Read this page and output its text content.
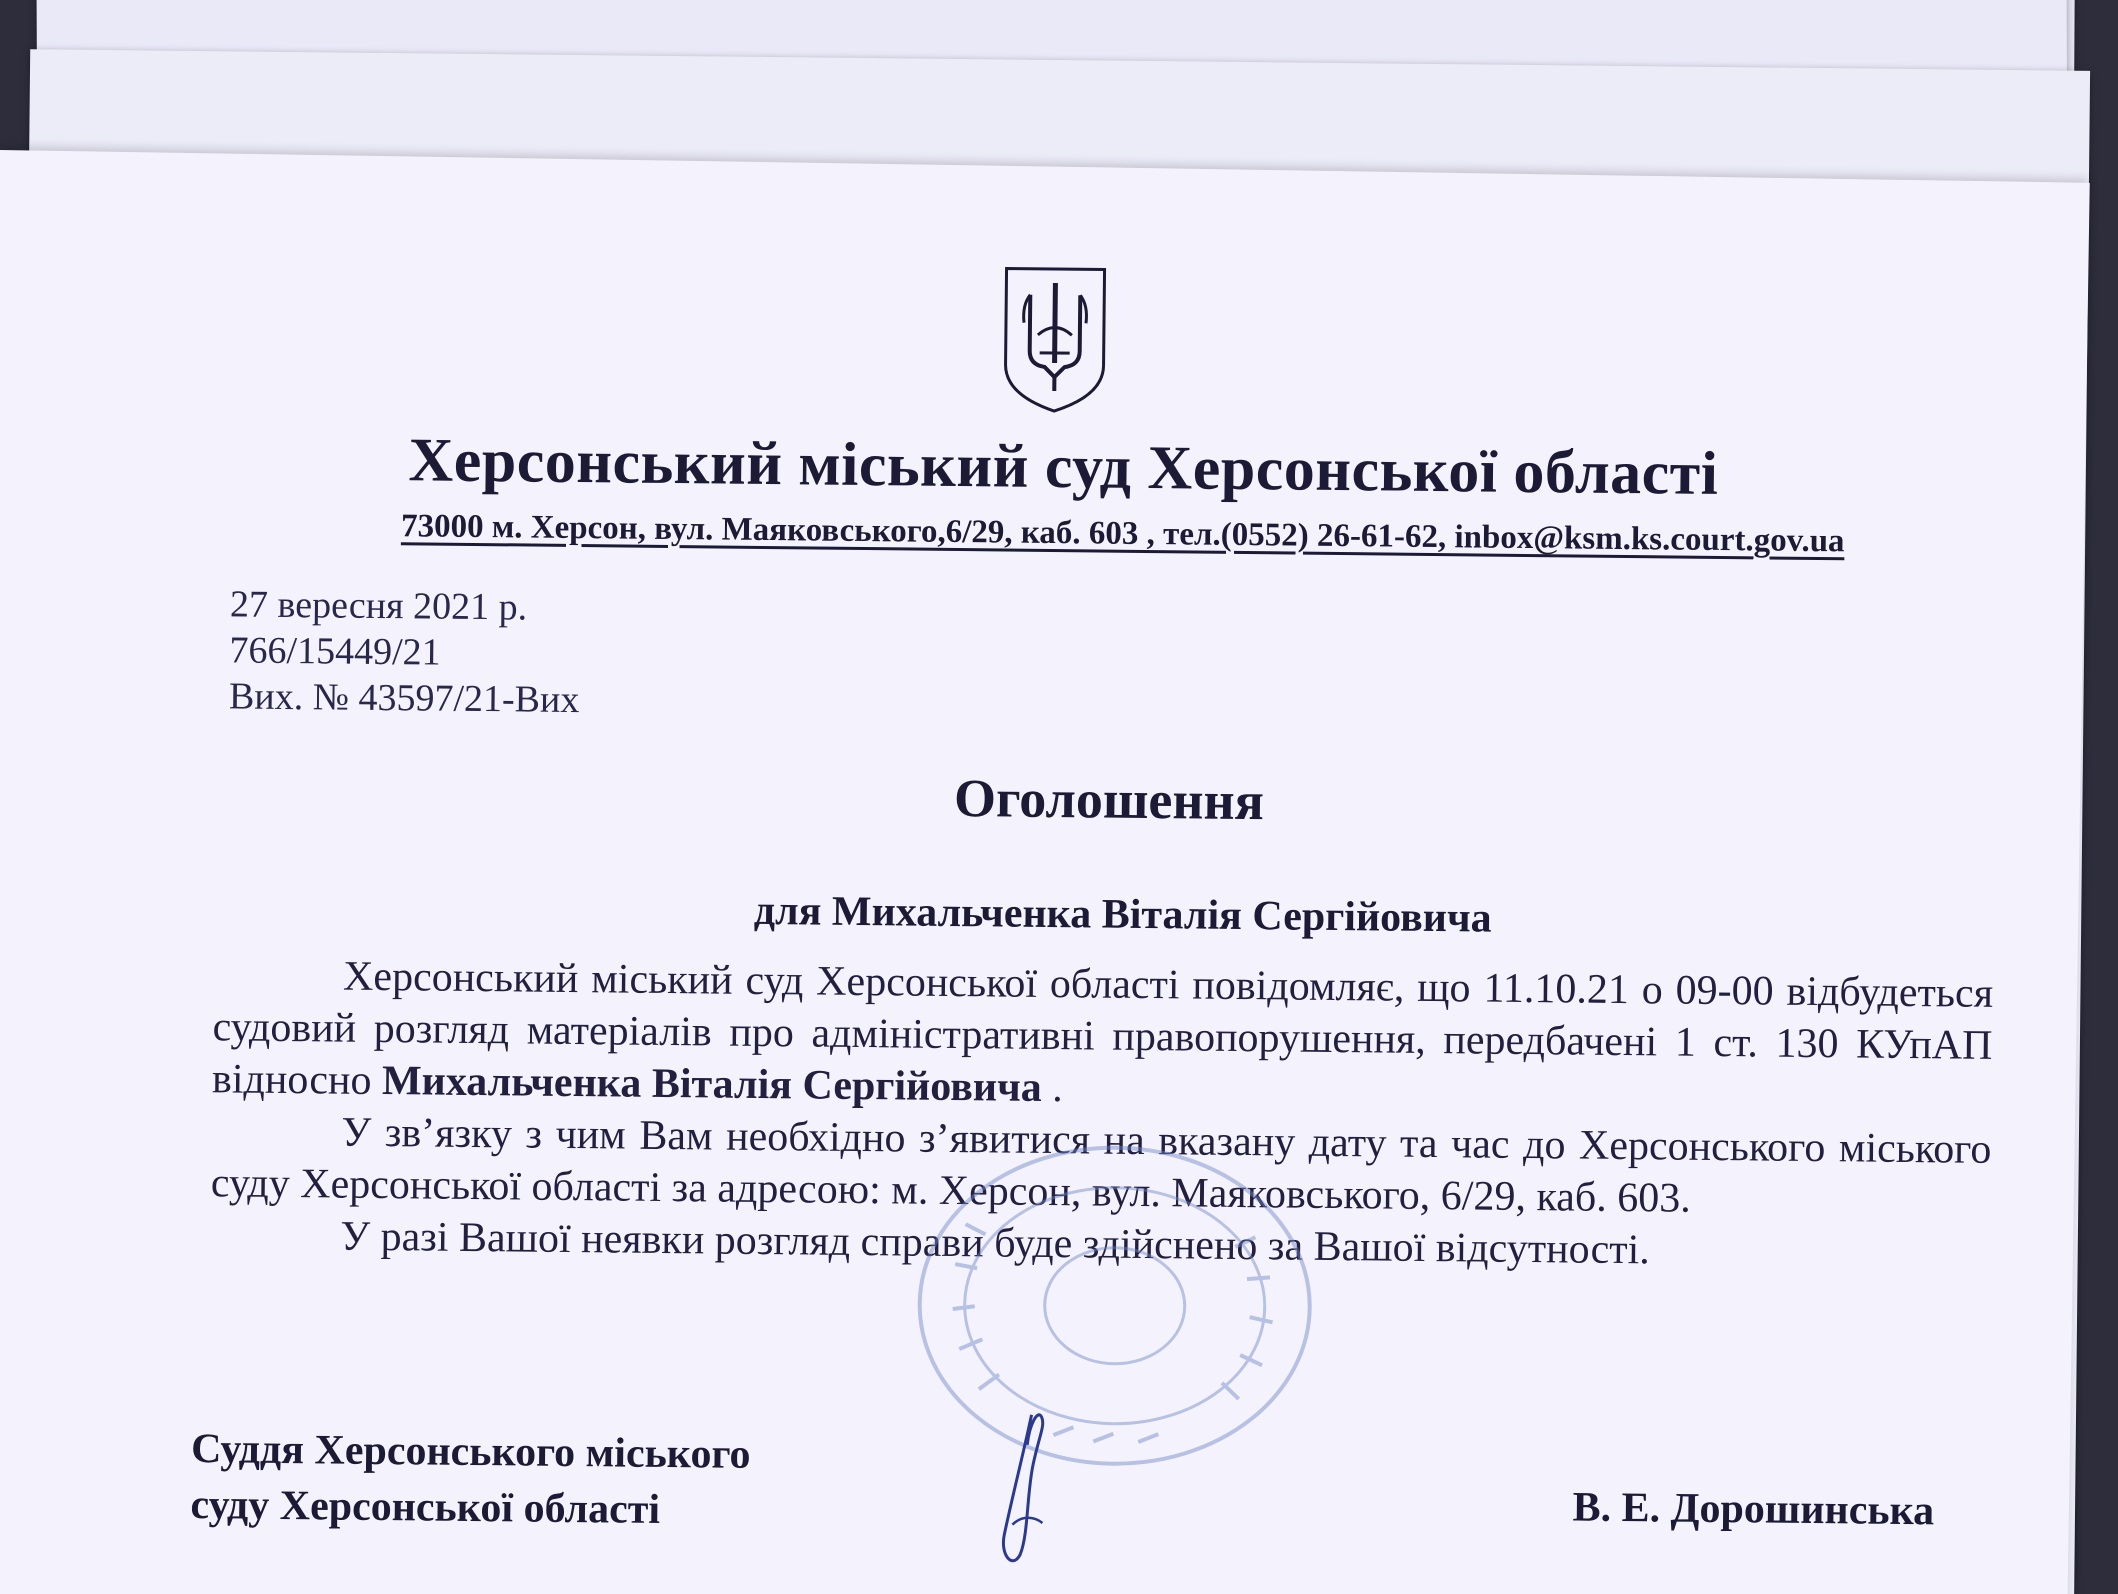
Херсонський міський суд Херсонської області
73000 м. Херсон, вул. Маяковського,6/29, каб. 603 , тел.(0552) 26-61-62, inbox@ksm.ks.court.gov.ua
27 вересня 2021 р.
766/15449/21
Вих. № 43597/21-Вих
Оголошення
для Михальченка Віталія Сергійовича

Херсонський міський суд Херсонської області повідомляє, що 11.10.21 о 09-00 відбудеться судовий розгляд матеріалів про адміністративні правопорушення, передбачені 1 ст. 130 КУпАП відносно Михальченка Віталія Сергійовича .

У зв’язку з чим Вам необхідно з’явитися на вказану дату та час до Херсонського міського суду Херсонської області за адресою: м. Херсон, вул. Маяковського, 6/29, каб. 603.

У разі Вашої неявки розгляд справи буде здійснено за Вашої відсутності.

Суддя Херсонського міського
суду Херсонської області	В. Е. Дорошинська
